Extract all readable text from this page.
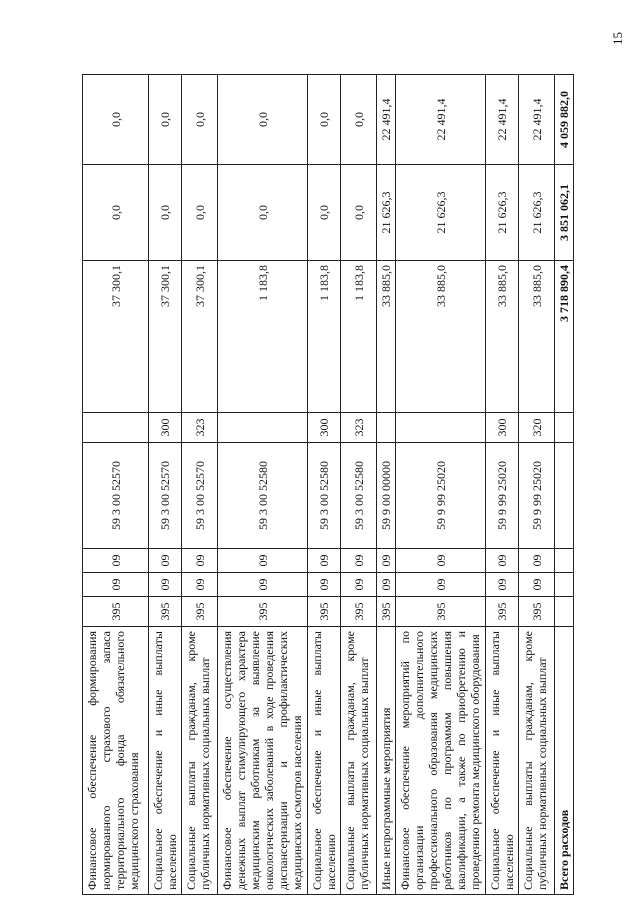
15
Финансовое обеспечение формирования нормированного страхового запаса территориального фонда обязательного медицинского страхования	395	09	09	59 3 00 52570		37 300,1	0,0	0,0
Социальное обеспечение и иные выплаты населению	395	09	09	59 3 00 52570	300	37 300,1	0,0	0,0
Социальные выплаты гражданам, кроме публичных нормативных социальных выплат	395	09	09	59 3 00 52570	323	37 300,1	0,0	0,0
Финансовое обеспечение осуществления денежных выплат стимулирующего характера медицинским работникам за выявление онкологических заболеваний в ходе проведения диспансеризации и профилактических медицинских осмотров населения	395	09	09	59 3 00 52580		1 183,8	0,0	0,0
Социальное обеспечение и иные выплаты населению	395	09	09	59 3 00 52580	300	1 183,8	0,0	0,0
Социальные выплаты гражданам, кроме публичных нормативных социальных выплат	395	09	09	59 3 00 52580	323	1 183,8	0,0	0,0
Иные непрограммные мероприятия	395	09	09	59 9 00 00000		33 885,0	21 626,3	22 491,4
Финансовое обеспечение мероприятий по организации дополнительного профессионального образования медицинских работников по программам повышения квалификации, а также по приобретению и проведению ремонта медицинского оборудования	395	09	09	59 9 99 25020		33 885,0	21 626,3	22 491,4
Социальное обеспечение и иные выплаты населению	395	09	09	59 9 99 25020	300	33 885,0	21 626,3	22 491,4
Социальные выплаты гражданам, кроме публичных нормативных социальных выплат	395	09	09	59 9 99 25020	320	33 885,0	21 626,3	22 491,4
Всего расходов						3 718 890,4	3 851 062,1	4 059 882,0
